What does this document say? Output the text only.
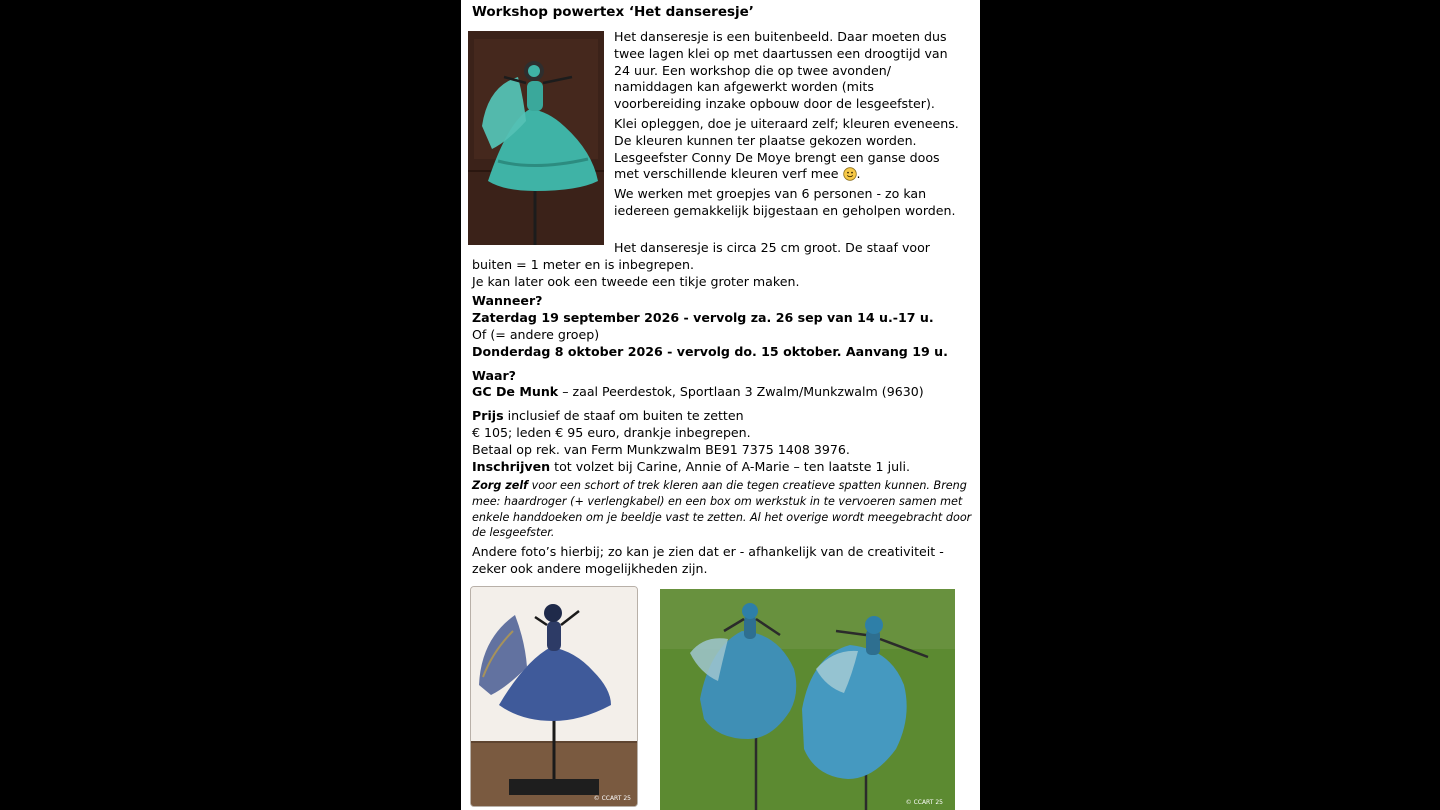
Workshop powertex ‘Het danseresje’

Het danseresje is een buitenbeeld. Daar moeten dus twee lagen klei op met daartussen een droogtijd van 24 uur. Een workshop die op twee avonden/ namiddagen kan afgewerkt worden (mits voorbereiding inzake opbouw door de lesgeefster).

Klei opleggen, doe je uiteraard zelf; kleuren eveneens. De kleuren kunnen ter plaatse gekozen worden. Lesgeefster Conny De Moye brengt een ganse doos met verschillende kleuren verf mee .

We werken met groepjes van 6 personen - zo kan iedereen gemakkelijk bijgestaan en geholpen worden.

Het danseresje is circa 25 cm groot. De staaf voor

buiten = 1 meter en is inbegrepen.

Je kan later ook een tweede een tikje groter maken.

Wanneer?

Zaterdag 19 september 2026 - vervolg za. 26 sep van 14 u.-17 u.

Of (= andere groep)

Donderdag 8 oktober 2026 - vervolg do. 15 oktober. Aanvang 19 u.

Waar?

GC De Munk – zaal Peerdestok, Sportlaan 3 Zwalm/Munkzwalm (9630)

Prijs inclusief de staaf om buiten te zetten

€ 105; leden € 95 euro, drankje inbegrepen.

Betaal op rek. van Ferm Munkzwalm BE91 7375 1408 3976.

Inschrijven tot volzet bij Carine, Annie of A-Marie – ten laatste 1 juli.

Zorg zelf voor een schort of trek kleren aan die tegen creatieve spatten kunnen. Breng mee: haardroger (+ verlengkabel) en een box om werkstuk in te vervoeren samen met enkele handdoeken om je beeldje vast te zetten. Al het overige wordt meegebracht door de lesgeefster.

Andere foto’s hierbij; zo kan je zien dat er - afhankelijk van de creativiteit - zeker ook andere mogelijkheden zijn.

© CCART 25
© CCART 25
